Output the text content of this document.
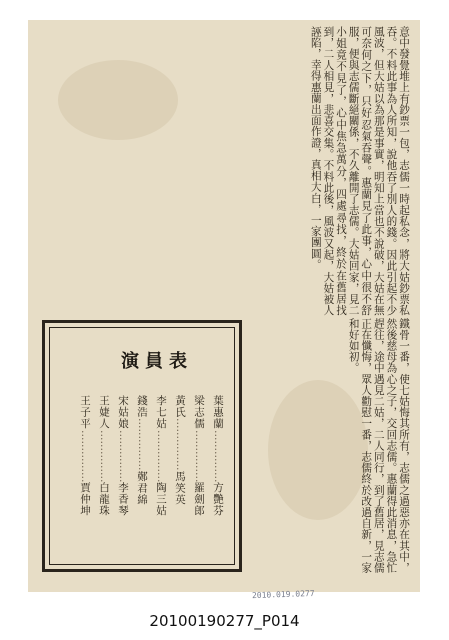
意中發覺堆上有鈔票一包，志儒一時起私念，將大姑鈔票私吞。不料此事為人所知，說他吞了別人的錢。因此引起不少風波，但大姑以為那是事實，明知上當也不說破，大姑在無可奈何之下，只好忍氣吞聲。惠蘭見了此事，心中很不舒服，便與志儒斷絕關係，不久離開了志儒。大姑回家，見二小姐竟不見了，心中焦急萬分，四處尋找，終於在舊居找到，二人相見，悲喜交集。不料此後，風波又起，大姑被人誣陷，幸得惠蘭出面作證，真相大白，一家團圓。

鐵骨一番，使七姑悔其所有，志儒之過惡亦在其中，然後慈母為心之子，交回志儒。惠蘭得此消息，急忙趕往，途中遇見二姑，二人同行，到了舊居，見志儒正在懺悔，眾人勸慰一番，志儒終於改過自新，一家和好如初。

演員表
葉惠蘭……………方艷芬
梁志儒……………羅劍郎
黃氏……………馬笑英
李七姑……………陶三姑
錢浩……………鄭君綿
宋姑娘……………李香琴
王婕人……………白龍珠
王子平……………賈仲坤
2010.019.0277
20100190277_P014
